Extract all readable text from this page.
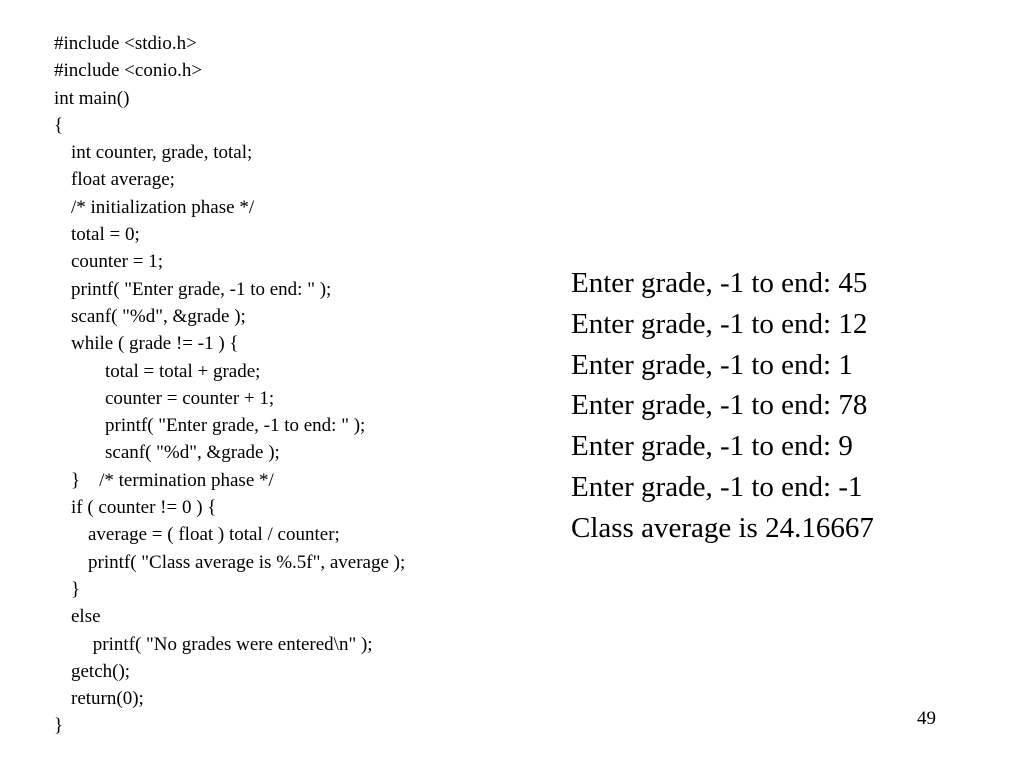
#include <stdio.h>
#include <conio.h>
int main()
{
int counter, grade, total;
float average;
/* initialization phase */
total = 0;
counter = 1;
printf( "Enter grade, -1 to end: " );
scanf( "%d", &grade );
while ( grade != -1 ) {
total = total + grade;
counter = counter + 1;
printf( "Enter grade, -1 to end: " );
scanf( "%d", &grade );
}    /* termination phase */
if ( counter != 0 ) {
average = ( float ) total / counter;
printf( "Class average is %.5f", average );
}
else
printf( "No grades were entered\n" );
getch();
return(0);
}
Enter grade, -1 to end: 45
Enter grade, -1 to end: 12
Enter grade, -1 to end: 1
Enter grade, -1 to end: 78
Enter grade, -1 to end: 9
Enter grade, -1 to end: -1
Class average is 24.16667
49
